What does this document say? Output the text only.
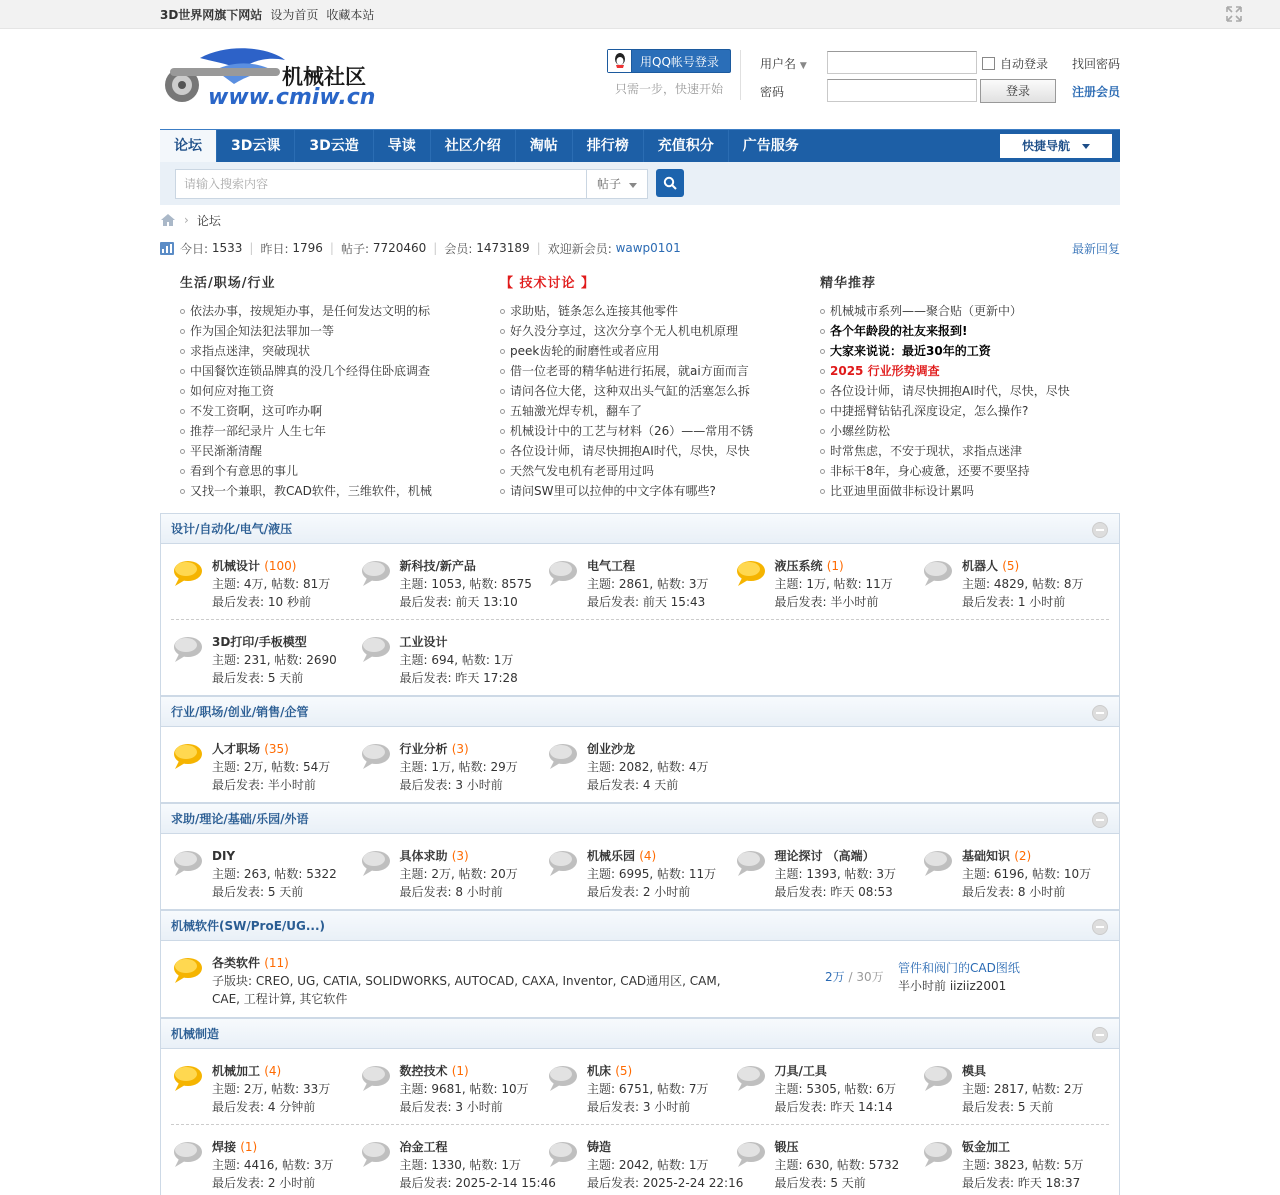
3D世界网旗下网站 设为首页 收藏本站
机械社区
www.cmiw.cn
用QQ帐号登录
只需一步，快速开始
用户名 ▼	自动登录 找回密码
密码	登录	注册会员
论坛	3D云课	3D云造	导读	社区介绍	淘帖	排行榜	充值积分	广告服务	快捷导航
请输入搜索内容	帖子
› 论坛
今日:
1533 | 昨日:
1796 | 帖子:
7720460 | 会员:
1473189 | 欢迎新会员:
wawp0101	最新回复
生活/职场/行业
依法办事，按规矩办事，是任何发达文明的标
作为国企知法犯法罪加一等
求指点迷津，突破现状
中国餐饮连锁品牌真的没几个经得住卧底调查
如何应对拖工资
不发工资啊，这可咋办啊
推荐一部纪录片 人生七年
平民渐渐清醒
看到个有意思的事儿
又找一个兼职，教CAD软件，三维软件，机械
【 技术讨论 】
求助贴，链条怎么连接其他零件
好久没分享过，这次分享个无人机电机原理
peek齿轮的耐磨性或者应用
借一位老哥的精华帖进行拓展，就ai方面而言
请问各位大佬，这种双出头气缸的活塞怎么拆
五轴激光焊专机，翻车了
机械设计中的工艺与材料（26）——常用不锈
各位设计师，请尽快拥抱AI时代，尽快，尽快
天然气发电机有老哥用过吗
请问SW里可以拉伸的中文字体有哪些?
精华推荐
机械城市系列——聚合贴（更新中）
各个年龄段的社友来报到!
大家来说说：最近30年的工资
2025 行业形势调查
各位设计师，请尽快拥抱AI时代，尽快，尽快
中捷摇臂钻钻孔深度设定，怎么操作?
小螺丝防松
时常焦虑，不安于现状，求指点迷津
非标干8年，身心疲惫，还要不要坚持
比亚迪里面做非标设计累吗
设计/自动化/电气/液压
机械设计 (100)
主题: 4万, 帖数: 81万
最后发表: 10 秒前
新科技/新产品
主题: 1053, 帖数: 8575
最后发表: 前天 13:10
电气工程
主题: 2861, 帖数: 3万
最后发表: 前天 15:43
液压系统 (1)
主题: 1万, 帖数: 11万
最后发表: 半小时前
机器人 (5)
主题: 4829, 帖数: 8万
最后发表: 1 小时前
3D打印/手板模型
主题: 231, 帖数: 2690
最后发表: 5 天前
工业设计
主题: 694, 帖数: 1万
最后发表: 昨天 17:28
行业/职场/创业/销售/企管
人才职场 (35)
主题: 2万, 帖数: 54万
最后发表: 半小时前
行业分析 (3)
主题: 1万, 帖数: 29万
最后发表: 3 小时前
创业沙龙
主题: 2082, 帖数: 4万
最后发表: 4 天前
求助/理论/基础/乐园/外语
DIY
主题: 263, 帖数: 5322
最后发表: 5 天前
具体求助 (3)
主题: 2万, 帖数: 20万
最后发表: 8 小时前
机械乐园 (4)
主题: 6995, 帖数: 11万
最后发表: 2 小时前
理论探讨 （高端）
主题: 1393, 帖数: 3万
最后发表: 昨天 08:53
基础知识 (2)
主题: 6196, 帖数: 10万
最后发表: 8 小时前
机械软件(SW/ProE/UG...)
各类软件 (11)
子版块: CREO, UG, CATIA, SOLIDWORKS, AUTOCAD, CAXA, Inventor, CAD通用区, CAM, CAE, 工程计算, 其它软件
2万 / 30万
管件和阀门的CAD图纸
半小时前 iiziiz2001
机械制造
机械加工 (4)
主题: 2万, 帖数: 33万
最后发表: 4 分钟前
数控技术 (1)
主题: 9681, 帖数: 10万
最后发表: 3 小时前
机床 (5)
主题: 6751, 帖数: 7万
最后发表: 3 小时前
刀具/工具
主题: 5305, 帖数: 6万
最后发表: 昨天 14:14
模具
主题: 2817, 帖数: 2万
最后发表: 5 天前
焊接 (1)
主题: 4416, 帖数: 3万
最后发表: 2 小时前
冶金工程
主题: 1330, 帖数: 1万
最后发表: 2025-2-14 15:46
铸造
主题: 2042, 帖数: 1万
最后发表: 2025-2-24 22:16
锻压
主题: 630, 帖数: 5732
最后发表: 5 天前
钣金加工
主题: 3823, 帖数: 5万
最后发表: 昨天 18:37
